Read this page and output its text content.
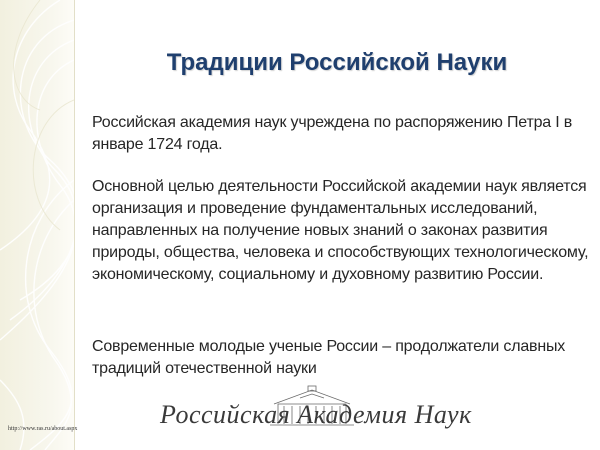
Традиции Российской Науки

Российская академия наук учреждена по распоряжению Петра I в январе 1724 года.

Основной целью деятельности Российской академии наук является организация и проведение фундаментальных исследований, направленных на получение новых знаний о законах развития природы, общества, человека и способствующих технологическому, экономическому, социальному и духовному развитию России.

Современные молодые ученые России – продолжатели славных традиций отечественной науки

http://www.ras.ru/about.aspx	Российская Академия Наук
